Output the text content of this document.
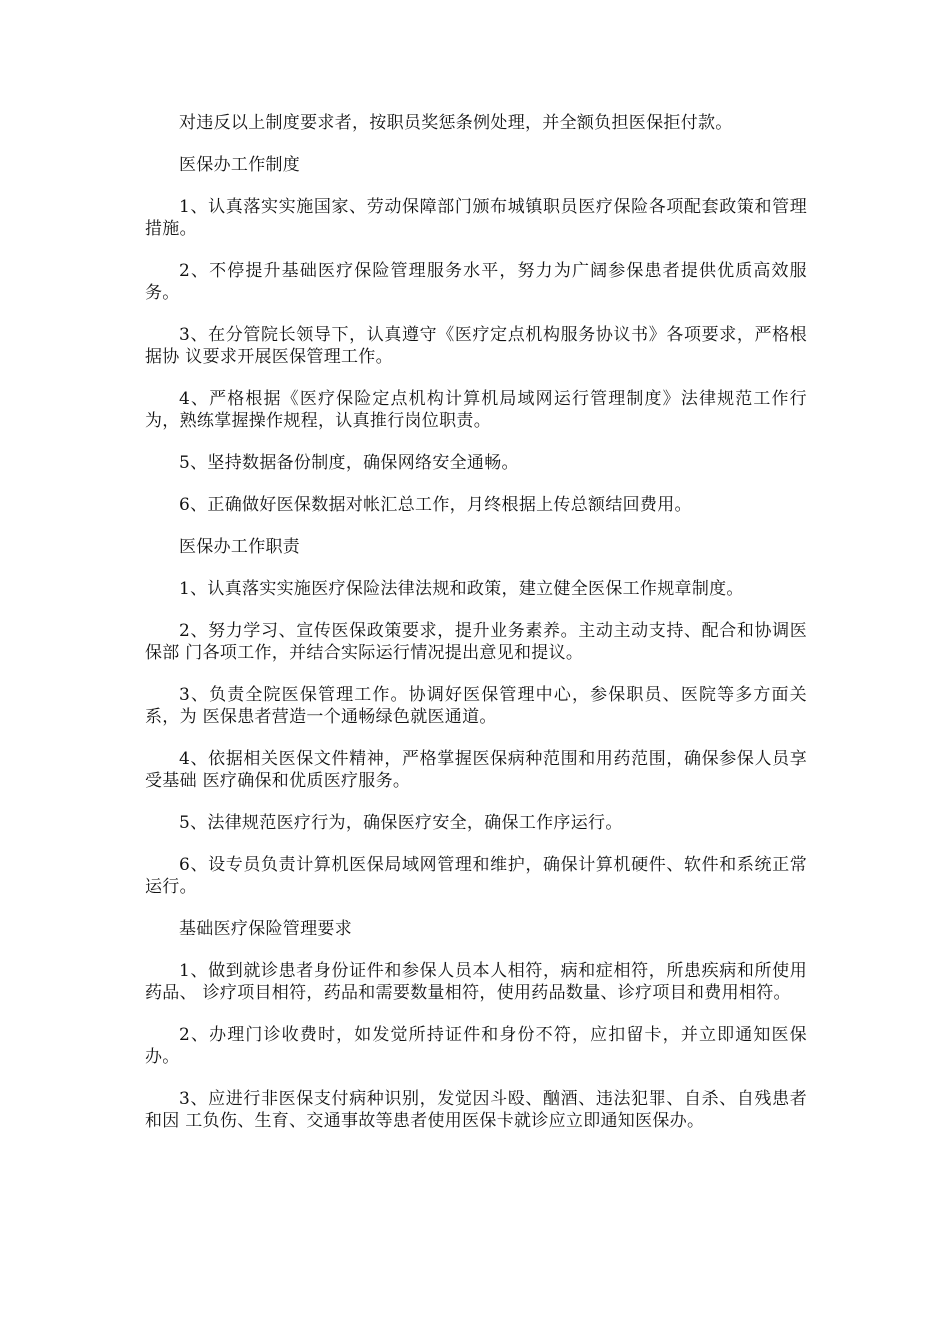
对违反以上制度要求者，按职员奖惩条例处理，并全额负担医保拒付款。

医保办工作制度

1、认真落实实施国家、劳动保障部门颁布城镇职员医疗保险各项配套政策和管理措施。

2、不停提升基础医疗保险管理服务水平，努力为广阔参保患者提供优质高效服务。

3、在分管院长领导下，认真遵守《医疗定点机构服务协议书》各项要求，严格根据协 议要求开展医保管理工作。

4、严格根据《医疗保险定点机构计算机局域网运行管理制度》法律规范工作行为，熟练掌握操作规程，认真推行岗位职责。

5、坚持数据备份制度，确保网络安全通畅。

6、正确做好医保数据对帐汇总工作，月终根据上传总额结回费用。

医保办工作职责

1、认真落实实施医疗保险法律法规和政策，建立健全医保工作规章制度。

2、努力学习、宣传医保政策要求，提升业务素养。主动主动支持、配合和协调医保部 门各项工作，并结合实际运行情况提出意见和提议。

3、负责全院医保管理工作。协调好医保管理中心，参保职员、医院等多方面关系，为 医保患者营造一个通畅绿色就医通道。

4、依据相关医保文件精神，严格掌握医保病种范围和用药范围，确保参保人员享受基础 医疗确保和优质医疗服务。

5、法律规范医疗行为，确保医疗安全，确保工作序运行。

6、设专员负责计算机医保局域网管理和维护，确保计算机硬件、软件和系统正常运行。

基础医疗保险管理要求

1、做到就诊患者身份证件和参保人员本人相符，病和症相符，所患疾病和所使用药品、 诊疗项目相符，药品和需要数量相符，使用药品数量、诊疗项目和费用相符。

2、办理门诊收费时，如发觉所持证件和身份不符，应扣留卡，并立即通知医保办。

3、应进行非医保支付病种识别，发觉因斗殴、酗酒、违法犯罪、自杀、自残患者和因 工负伤、生育、交通事故等患者使用医保卡就诊应立即通知医保办。
